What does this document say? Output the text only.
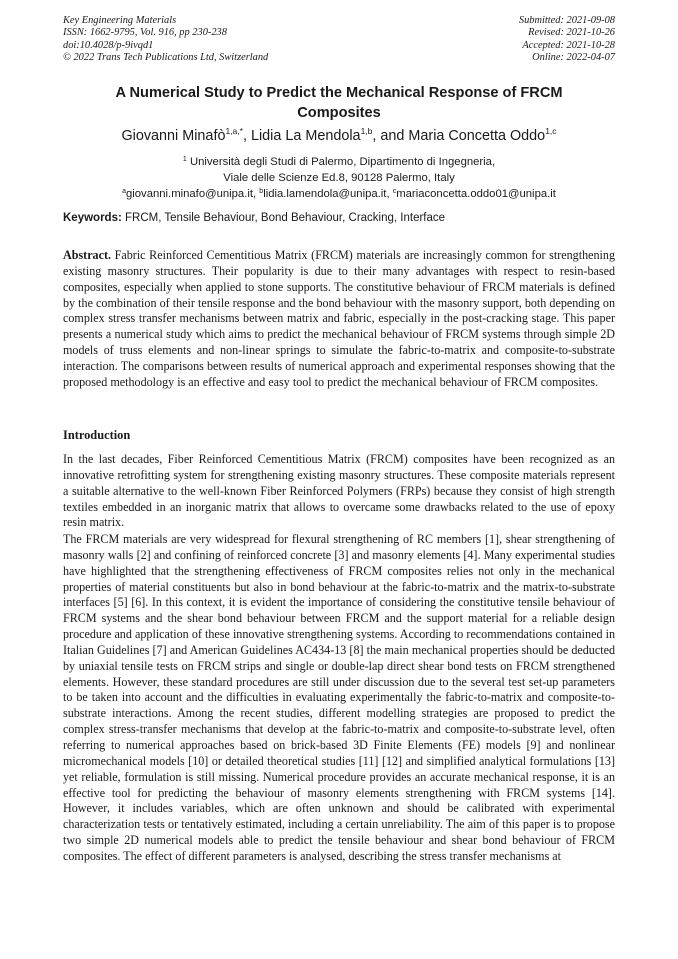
Key Engineering Materials
ISSN: 1662-9795, Vol. 916, pp 230-238
doi:10.4028/p-9ivqd1
© 2022 Trans Tech Publications Ltd, Switzerland
Submitted: 2021-09-08
Revised: 2021-10-26
Accepted: 2021-10-28
Online: 2022-04-07
A Numerical Study to Predict the Mechanical Response of FRCM
Composites
Giovanni Minafò$^{1,a,*}$, Lidia La Mendola$^{1,b}$, and Maria Concetta Oddo$^{1,c}$
$^1$ Università degli Studi di Palermo, Dipartimento di Ingegneria,
Viale delle Scienze Ed.8, 90128 Palermo, Italy
$^a$giovanni.minafo@unipa.it, $^b$lidia.lamendola@unipa.it, $^c$mariaconcetta.oddo01@unipa.it
Keywords: FRCM, Tensile Behaviour, Bond Behaviour, Cracking, Interface

Abstract. Fabric Reinforced Cementitious Matrix (FRCM) materials are increasingly common for strengthening existing masonry structures. Their popularity is due to their many advantages with respect to resin-based composites, especially when applied to stone supports. The constitutive behaviour of FRCM materials is defined by the combination of their tensile response and the bond behaviour with the masonry support, both depending on complex stress transfer mechanisms between matrix and fabric, especially in the post-cracking stage. This paper presents a numerical study which aims to predict the mechanical behaviour of FRCM systems through simple 2D models of truss elements and non-linear springs to simulate the fabric-to-matrix and composite-to-substrate interaction. The comparisons between results of numerical approach and experimental responses showing that the proposed methodology is an effective and easy tool to predict the mechanical behaviour of FRCM composites.

Introduction

In the last decades, Fiber Reinforced Cementitious Matrix (FRCM) composites have been recognized as an innovative retrofitting system for strengthening existing masonry structures. These composite materials represent a suitable alternative to the well-known Fiber Reinforced Polymers (FRPs) because they consist of high strength textiles embedded in an inorganic matrix that allows to overcame some drawbacks related to the use of epoxy resin matrix.

The FRCM materials are very widespread for flexural strengthening of RC members [1], shear strengthening of masonry walls [2] and confining of reinforced concrete [3] and masonry elements [4]. Many experimental studies have highlighted that the strengthening effectiveness of FRCM composites relies not only in the mechanical properties of material constituents but also in bond behaviour at the fabric-to-matrix and the matrix-to-substrate interfaces [5] [6]. In this context, it is evident the importance of considering the constitutive tensile behaviour of FRCM systems and the shear bond behaviour between FRCM and the support material for a reliable design procedure and application of these innovative strengthening systems. According to recommendations contained in Italian Guidelines [7] and American Guidelines AC434-13 [8] the main mechanical properties should be deducted by uniaxial tensile tests on FRCM strips and single or double-lap direct shear bond tests on FRCM strengthened elements. However, these standard procedures are still under discussion due to the several test set-up parameters to be taken into account and the difficulties in evaluating experimentally the fabric-to-matrix and composite-to-substrate interactions. Among the recent studies, different modelling strategies are proposed to predict the complex stress-transfer mechanisms that develop at the fabric-to-matrix and composite-to-substrate level, often referring to numerical approaches based on brick-based 3D Finite Elements (FE) models [9] and nonlinear micromechanical models [10] or detailed theoretical studies [11] [12] and simplified analytical formulations [13] yet reliable, formulation is still missing. Numerical procedure provides an accurate mechanical response, it is an effective tool for predicting the behaviour of masonry elements strengthening with FRCM systems [14]. However, it includes variables, which are often unknown and should be calibrated with experimental characterization tests or tentatively estimated, including a certain unreliability. The aim of this paper is to propose two simple 2D numerical models able to predict the tensile behaviour and shear bond behaviour of FRCM composites. The effect of different parameters is analysed, describing the stress transfer mechanisms at
